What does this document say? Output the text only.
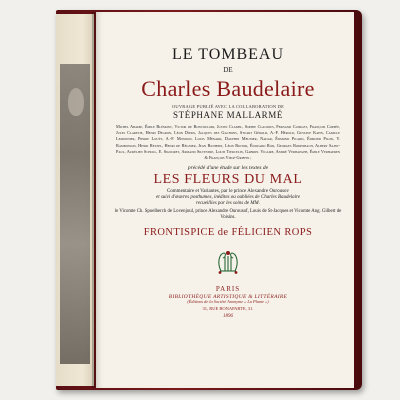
LE TOMBEAU
DE
Charles Baudelaire
OUVRAGE PUBLIÉ AVEC LA COLLABORATION DE
STÉPHANE MALLARMÉ
Michel Abadie, Émile Blémont, Victor de Bonvouloir, Justin Clamel, Sophie Claudius, Fernand Clerget, François Coppée, Jules Claretie, Henri Degron, Léon Dierx, Jacques des Gachons, Stuart Gérold, A.-F. Hérold, Gustave Kahn, Camille Lemonnier, Pierre Louÿs, A.-F. Mossion, Louis Ménard, Dauphin Meunier, Nadar, Édmond Picard, Édmond Pilon, Y. Rambosson, Henri Retzel, Henri de Régnier, Jean Richepin, Léon Riotor, Édouard Rod, Georges Rodenbach, Albert Saint-Paul, Aurélien Scholl, E. Signoret, Armand Silvestre, Louis Tiercelin, Gabriel Vicaire, André Verhaeghe, Émile Verhaeren & François Vielé-Griffin ;
précédé d'une étude sur les textes de
LES FLEURS DU MAL
Commentaire et Variantes, par le prince Alexandre Ourousov
et suivi d'œuvres posthumes, inédites ou oubliées de Charles Baudelaire
recueillies par les soins de MM.
le Vicomte Ch. Spoelberch de Lovenjoul, prince Alexandre Ourousof, Louis de St-Jacques et Vicomte Ang. Gilbert de Voisins.
FRONTISPICE de FÉLICIEN ROPS
PARIS
BIBLIOTHÈQUE ARTISTIQUE & LITTÉRAIRE
(Éditions de la Société Anonyme « La Plume »)
31, RUE BONAPARTE, 31.
1896
